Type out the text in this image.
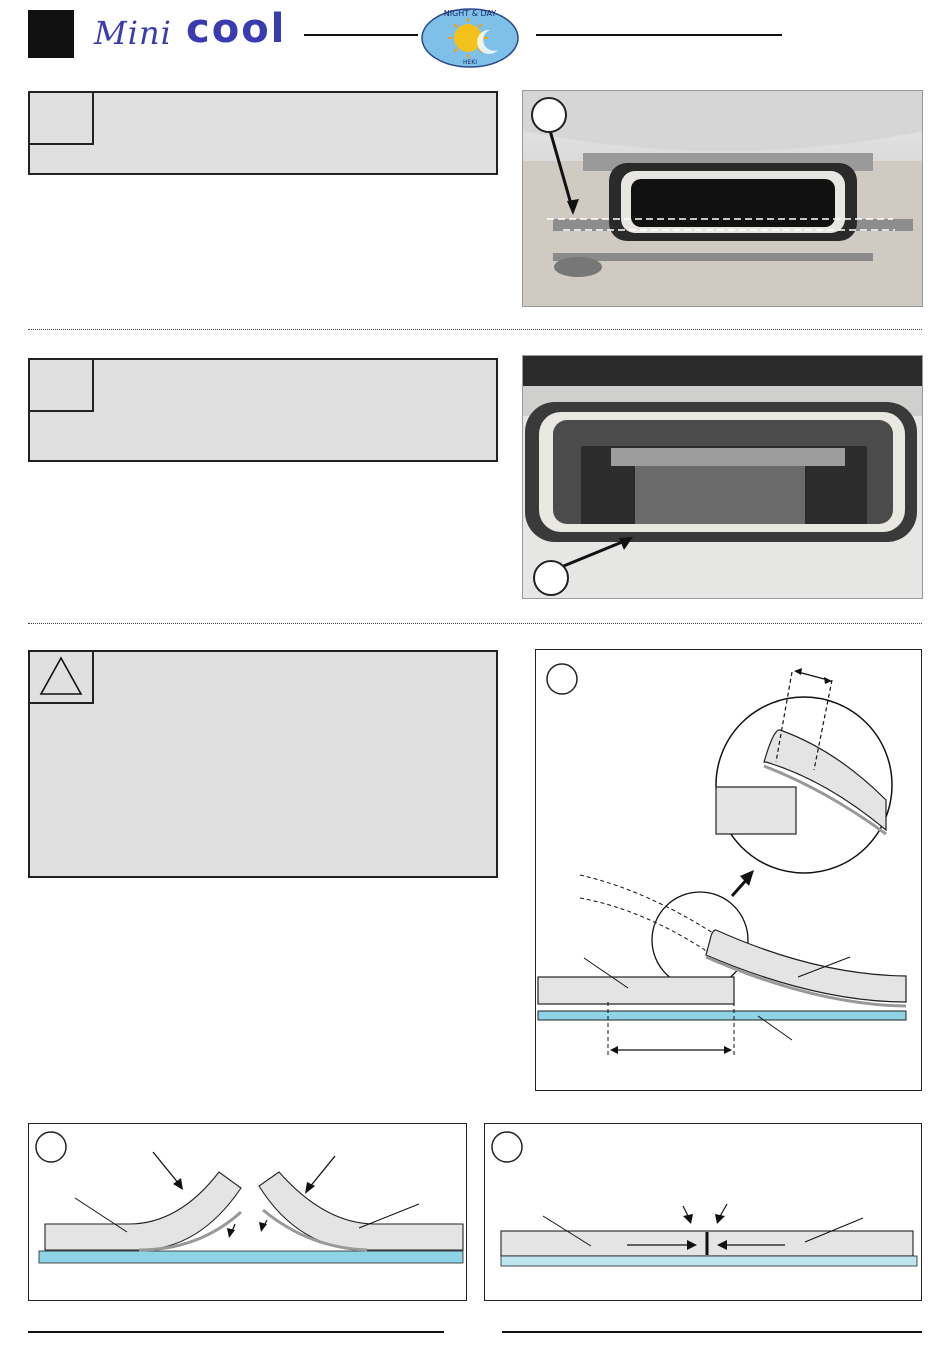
Mini cool	NIGHT & DAY
HEKI
